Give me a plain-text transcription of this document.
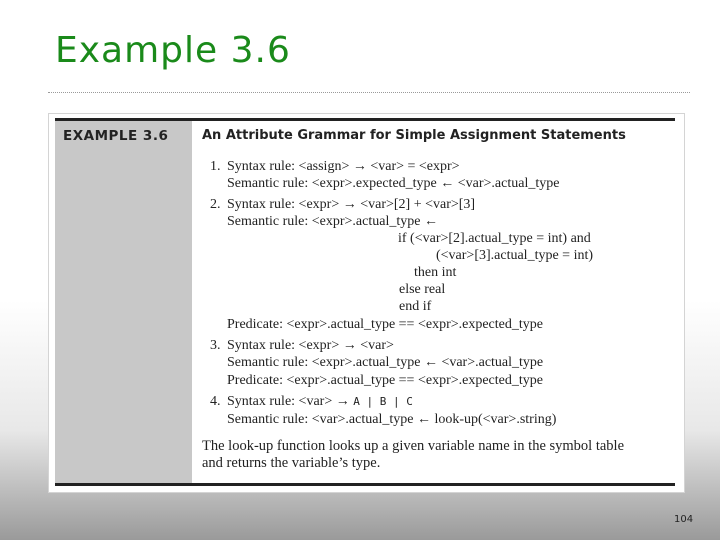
Example 3.6
EXAMPLE 3.6	An Attribute Grammar for Simple Assignment Statements
1. Syntax rule: <assign> → <var> = <expr>
Semantic rule: <expr>.expected_type ← <var>.actual_type
2. Syntax rule: <expr> → <var>[2] + <var>[3]
Semantic rule: <expr>.actual_type ←
if (<var>[2].actual_type = int) and
(<var>[3].actual_type = int)
then int
else real
end if
Predicate: <expr>.actual_type == <expr>.expected_type
3. Syntax rule: <expr> → <var>
Semantic rule: <expr>.actual_type ← <var>.actual_type
Predicate: <expr>.actual_type == <expr>.expected_type
4. Syntax rule: <var> → A | B | C
Semantic rule: <var>.actual_type ← look-up(<var>.string)
The look-up function looks up a given variable name in the symbol table
and returns the variable’s type.
104
